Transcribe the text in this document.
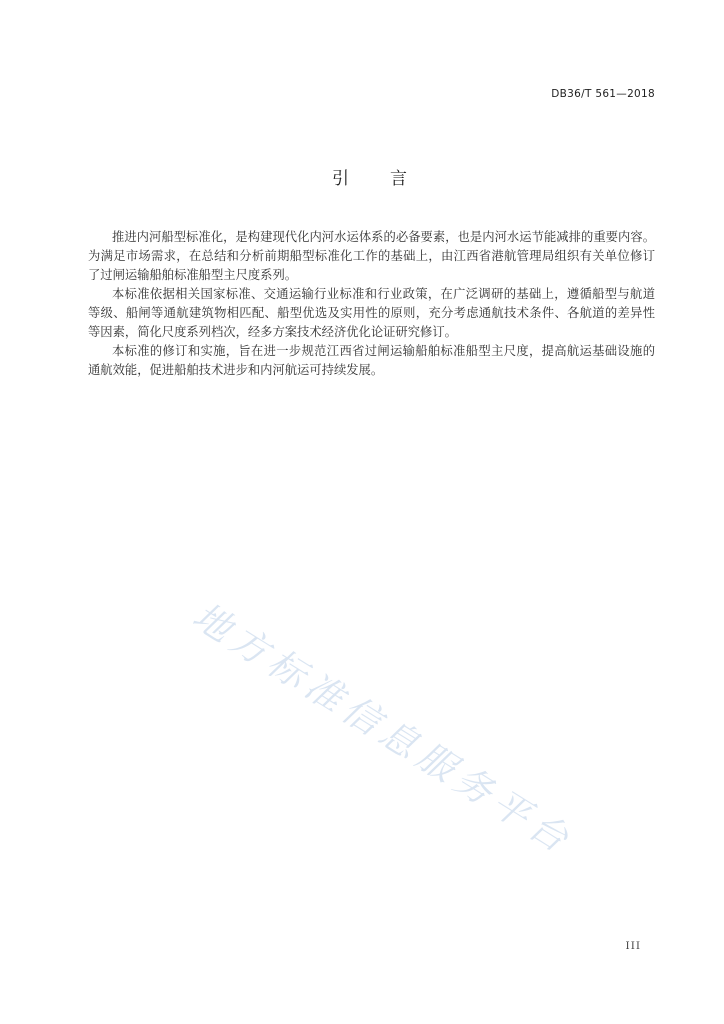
DB36/T 561—2018
引言
推进内河船型标准化，是构建现代化内河水运体系的必备要素，也是内河水运节能减排的重要内容。
为满足市场需求，在总结和分析前期船型标准化工作的基础上，由江西省港航管理局组织有关单位修订
了过闸运输船舶标准船型主尺度系列。
本标准依据相关国家标准、交通运输行业标准和行业政策，在广泛调研的基础上，遵循船型与航道
等级、船闸等通航建筑物相匹配、船型优选及实用性的原则，充分考虑通航技术条件、各航道的差异性
等因素，简化尺度系列档次，经多方案技术经济优化论证研究修订。
本标准的修订和实施，旨在进一步规范江西省过闸运输船舶标准船型主尺度，提高航运基础设施的
通航效能，促进船舶技术进步和内河航运可持续发展。
地方标准信息服务平台
III
